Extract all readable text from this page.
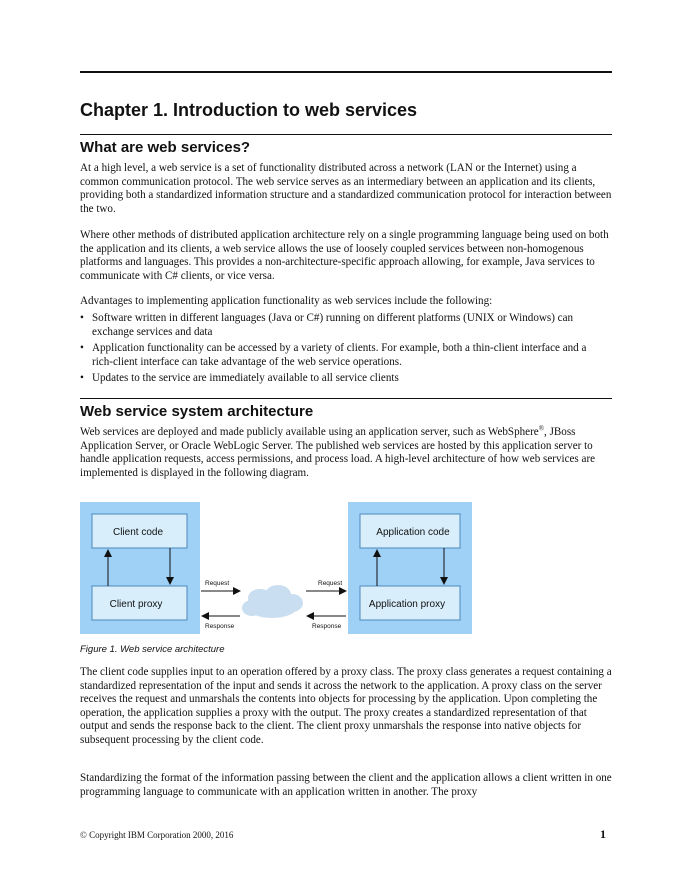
Chapter 1. Introduction to web services
What are web services?

At a high level, a web service is a set of functionality distributed across a network (LAN or the Internet) using a common communication protocol. The web service serves as an intermediary between an application and its clients, providing both a standardized information structure and a standardized communication protocol for interaction between the two.

Where other methods of distributed application architecture rely on a single programming language being used on both the application and its clients, a web service allows the use of loosely coupled services between non-homogenous platforms and languages. This provides a non-architecture-specific approach allowing, for example, Java services to communicate with C# clients, or vice versa.

Advantages to implementing application functionality as web services include the following:

• Software written in different languages (Java or C#) running on different platforms (UNIX or Windows) can exchange services and data
• Application functionality can be accessed by a variety of clients. For example, both a thin-client interface and a rich-client interface can take advantage of the web service operations.
• Updates to the service are immediately available to all service clients
Web service system architecture

Web services are deployed and made publicly available using an application server, such as WebSphere®, JBoss Application Server, or Oracle WebLogic Server. The published web services are hosted by this application server to handle application requests, access permissions, and process load. A high-level architecture of how web services are implemented is displayed in the following diagram.

Client code
Client proxy
Application code
Application proxy
Request	Request
Response	Response

Figure 1. Web service architecture

The client code supplies input to an operation offered by a proxy class. The proxy class generates a request containing a standardized representation of the input and sends it across the network to the application. A proxy class on the server receives the request and unmarshals the contents into objects for processing by the application. Upon completing the operation, the application supplies a proxy with the output. The proxy creates a standardized representation of that output and sends the response back to the client. The client proxy unmarshals the response into native objects for subsequent processing by the client code.

Standardizing the format of the information passing between the client and the application allows a client written in one programming language to communicate with an application written in another. The proxy

© Copyright IBM Corporation 2000, 2016	1
